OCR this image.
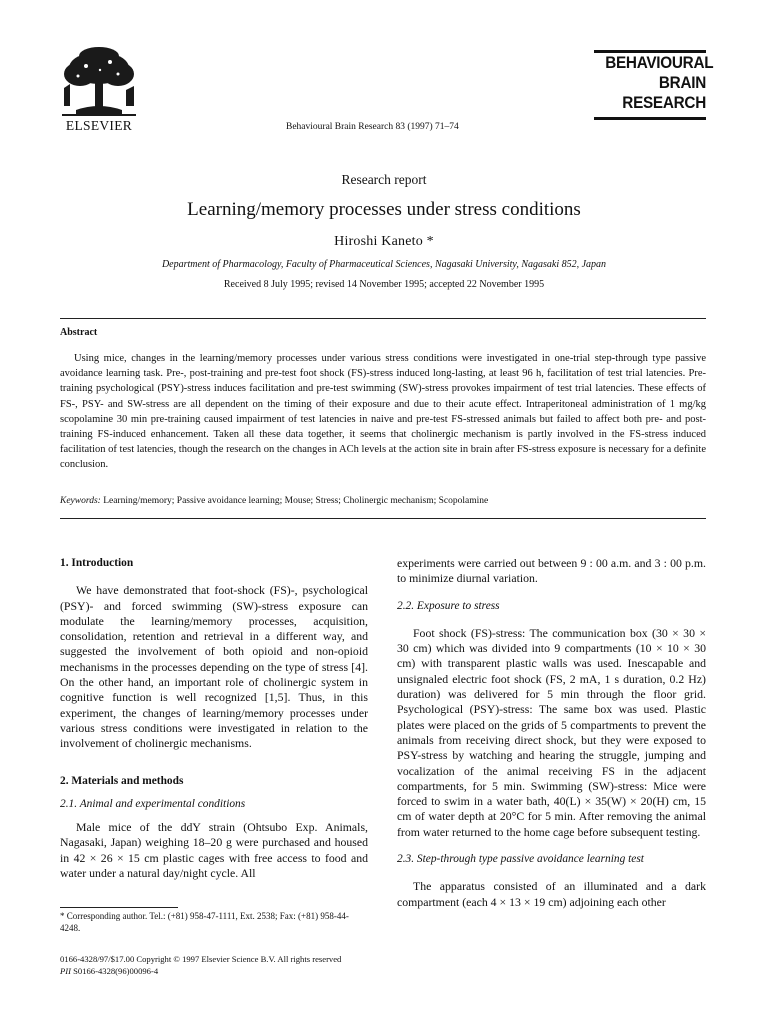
ELSEVIER	Behavioural Brain Research 83 (1997) 71–74
BEHAVIOURAL
BRAIN
RESEARCH
Research report
Learning/memory processes under stress conditions
Hiroshi Kaneto *
Department of Pharmacology, Faculty of Pharmaceutical Sciences, Nagasaki University, Nagasaki 852, Japan
Received 8 July 1995; revised 14 November 1995; accepted 22 November 1995
Abstract

Using mice, changes in the learning/memory processes under various stress conditions were investigated in one-trial step-through type passive avoidance learning task. Pre-, post-training and pre-test foot shock (FS)-stress induced long-lasting, at least 96 h, facilitation of test trial latencies. Pre-training psychological (PSY)-stress induces facilitation and pre-test swimming (SW)-stress provokes impairment of test trial latencies. These effects of FS-, PSY- and SW-stress are all dependent on the timing of their exposure and due to their acute effect. Intraperitoneal administration of 1 mg/kg scopolamine 30 min pre-training caused impairment of test latencies in naive and pre-test FS-stressed animals but failed to affect both pre- and post-training FS-induced enhancement. Taken all these data together, it seems that cholinergic mechanism is partly involved in the FS-stress induced facilitation of test latencies, though the research on the changes in ACh levels at the action site in brain after FS-stress exposure is necessary for a definite conclusion.

Keywords: Learning/memory; Passive avoidance learning; Mouse; Stress; Cholinergic mechanism; Scopolamine
1. Introduction

We have demonstrated that foot-shock (FS)-, psychological (PSY)- and forced swimming (SW)-stress exposure can modulate the learning/memory processes, acquisition, consolidation, retention and retrieval in a different way, and suggested the involvement of both opioid and non-opioid mechanisms in the processes depending on the type of stress [4]. On the other hand, an important role of cholinergic system in cognitive function is well recognized [1,5]. Thus, in this experiment, the changes of learning/memory processes under various stress conditions were investigated in relation to the involvement of cholinergic mechanisms.

2. Materials and methods
2.1. Animal and experimental conditions

Male mice of the ddY strain (Ohtsubo Exp. Animals, Nagasaki, Japan) weighing 18–20 g were purchased and housed in 42 × 26 × 15 cm plastic cages with free access to food and water under a natural day/night cycle. All

experiments were carried out between 9 : 00 a.m. and 3 : 00 p.m. to minimize diurnal variation.

2.2. Exposure to stress

Foot shock (FS)-stress: The communication box (30 × 30 × 30 cm) which was divided into 9 compartments (10 × 10 × 30 cm) with transparent plastic walls was used. Inescapable and unsignaled electric foot shock (FS, 2 mA, 1 s duration, 0.2 Hz) duration) was delivered for 5 min through the floor grid. Psychological (PSY)-stress: The same box was used. Plastic plates were placed on the grids of 5 compartments to prevent the animals from receiving direct shock, but they were exposed to PSY-stress by watching and hearing the struggle, jumping and vocalization of the animal receiving FS in the adjacent compartments, for 5 min. Swimming (SW)-stress: Mice were forced to swim in a water bath, 40(L) × 35(W) × 20(H) cm, 15 cm of water depth at 20°C for 5 min. After removing the animal from water returned to the home cage before subsequent testing.

2.3. Step-through type passive avoidance learning test

The apparatus consisted of an illuminated and a dark compartment (each 4 × 13 × 19 cm) adjoining each other

* Corresponding author. Tel.: (+81) 958-47-1111, Ext. 2538; Fax: (+81) 958-44-4248.
0166-4328/97/$17.00 Copyright © 1997 Elsevier Science B.V. All rights reserved
PII S0166-4328(96)00096-4
